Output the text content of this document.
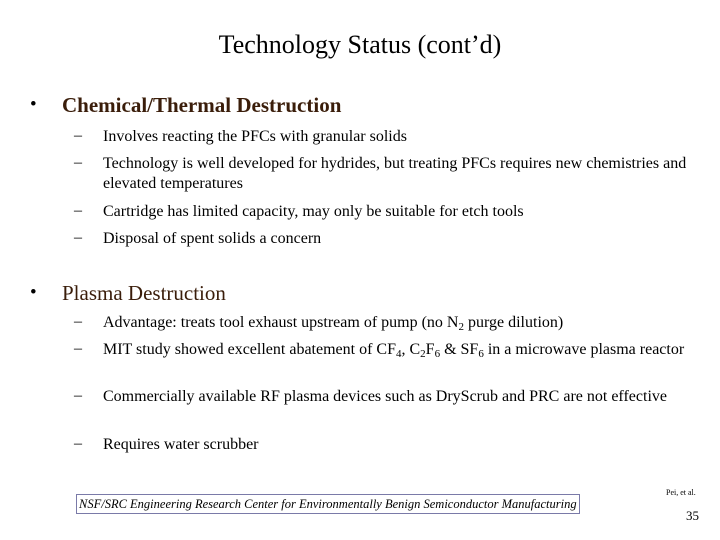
Technology Status (cont’d)
• Chemical/Thermal Destruction
– Involves reacting the PFCs with granular solids
– Technology is well developed for hydrides, but treating PFCs requires new chemistries and elevated temperatures
– Cartridge has limited capacity, may only be suitable for etch tools
– Disposal of spent solids a concern
• Plasma Destruction
– Advantage: treats tool exhaust upstream of pump (no $N_2$ purge dilution)
– MIT study showed excellent abatement of $CF_4$, $C_2F_6$ & $SF_6$ in a microwave plasma reactor
– Commercially available RF plasma devices such as DryScrub and PRC are not effective
– Requires water scrubber
NSF/SRC Engineering Research Center for Environmentally Benign Semiconductor Manufacturing
Pei, et al.
35
